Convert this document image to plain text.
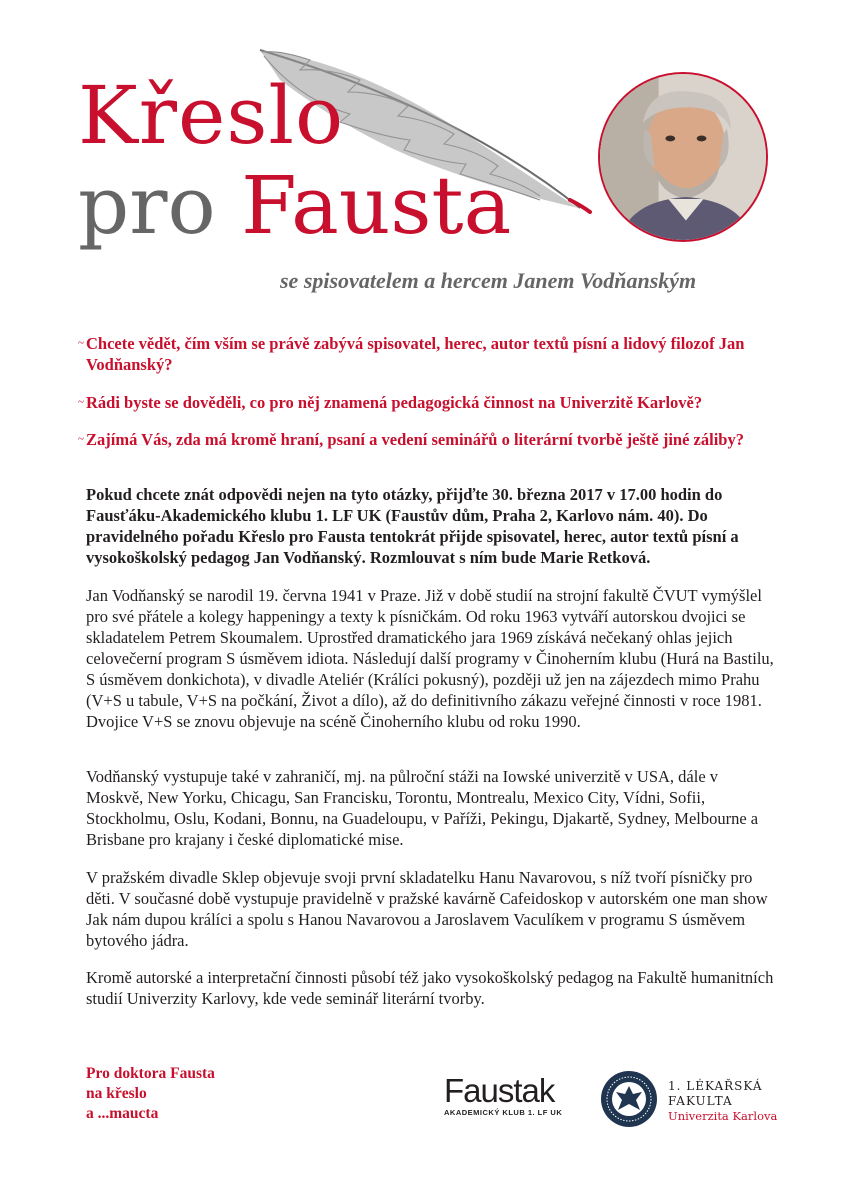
Křeslo
pro Fausta

se spisovatelem a hercem Janem Vodňanským

~ Chcete vědět, čím vším se právě zabývá spisovatel, herec, autor textů písní a lidový filozof Jan Vodňanský?

~ Rádi byste se dověděli, co pro něj znamená pedagogická činnost na Univerzitě Karlově?

~ Zajímá Vás, zda má kromě hraní, psaní a vedení seminářů o literární tvorbě ještě jiné záliby?

Pokud chcete znát odpovědi nejen na tyto otázky, přijďte 30. března 2017 v 17.00 hodin do Fausťáku-Akademického klubu 1. LF UK (Faustův dům, Praha 2, Karlovo nám. 40). Do pravidelného pořadu Křeslo pro Fausta tentokrát přijde spisovatel, herec, autor textů písní a vysokoškolský pedagog Jan Vodňanský. Rozmlouvat s ním bude Marie Retková.

Jan Vodňanský se narodil 19. června 1941 v Praze. Již v době studií na strojní fakultě ČVUT vymýšlel pro své přátele a kolegy happeningy a texty k písničkám. Od roku 1963 vytváří autorskou dvojici se skladatelem Petrem Skoumalem. Uprostřed dramatického jara 1969 získává nečekaný ohlas jejich celovečerní program S úsměvem idiota. Následují další programy v Činoherním klubu (Hurá na Bastilu, S úsměvem donkichota), v divadle Ateliér (Králíci pokusný), později už jen na zájezdech mimo Prahu (V+S u tabule, V+S na počkání, Život a dílo), až do definitivního zákazu veřejné činnosti v roce 1981. Dvojice V+S se znovu objevuje na scéně Činoherního klubu od roku 1990.

Vodňanský vystupuje také v zahraničí, mj. na půlroční stáži na Iowské univerzitě v USA, dále v Moskvě, New Yorku, Chicagu, San Francisku, Torontu, Montrealu, Mexico City, Vídni, Sofii, Stockholmu, Oslu, Kodani, Bonnu, na Guadeloupu, v Paříži, Pekingu, Djakartě, Sydney, Melbourne a Brisbane pro krajany i české diplomatické mise.

V pražském divadle Sklep objevuje svoji první skladatelku Hanu Navarovou, s níž tvoří písničky pro děti. V současné době vystupuje pravidelně v pražské kavárně Cafeidoskop v autorském one man show Jak nám dupou králíci a spolu s Hanou Navarovou a Jaroslavem Vaculíkem v programu S úsměvem bytového jádra.

Kromě autorské a interpretační činnosti působí též jako vysokoškolský pedagog na Fakultě humanitních studií Univerzity Karlovy, kde vede seminář literární tvorby.

Pro doktora Fausta
na křeslo
a ...maucta

Faustak
AKADEMICKÝ KLUB 1. LF UK

1. LÉKAŘSKÁ
FAKULTA
Univerzita Karlova
